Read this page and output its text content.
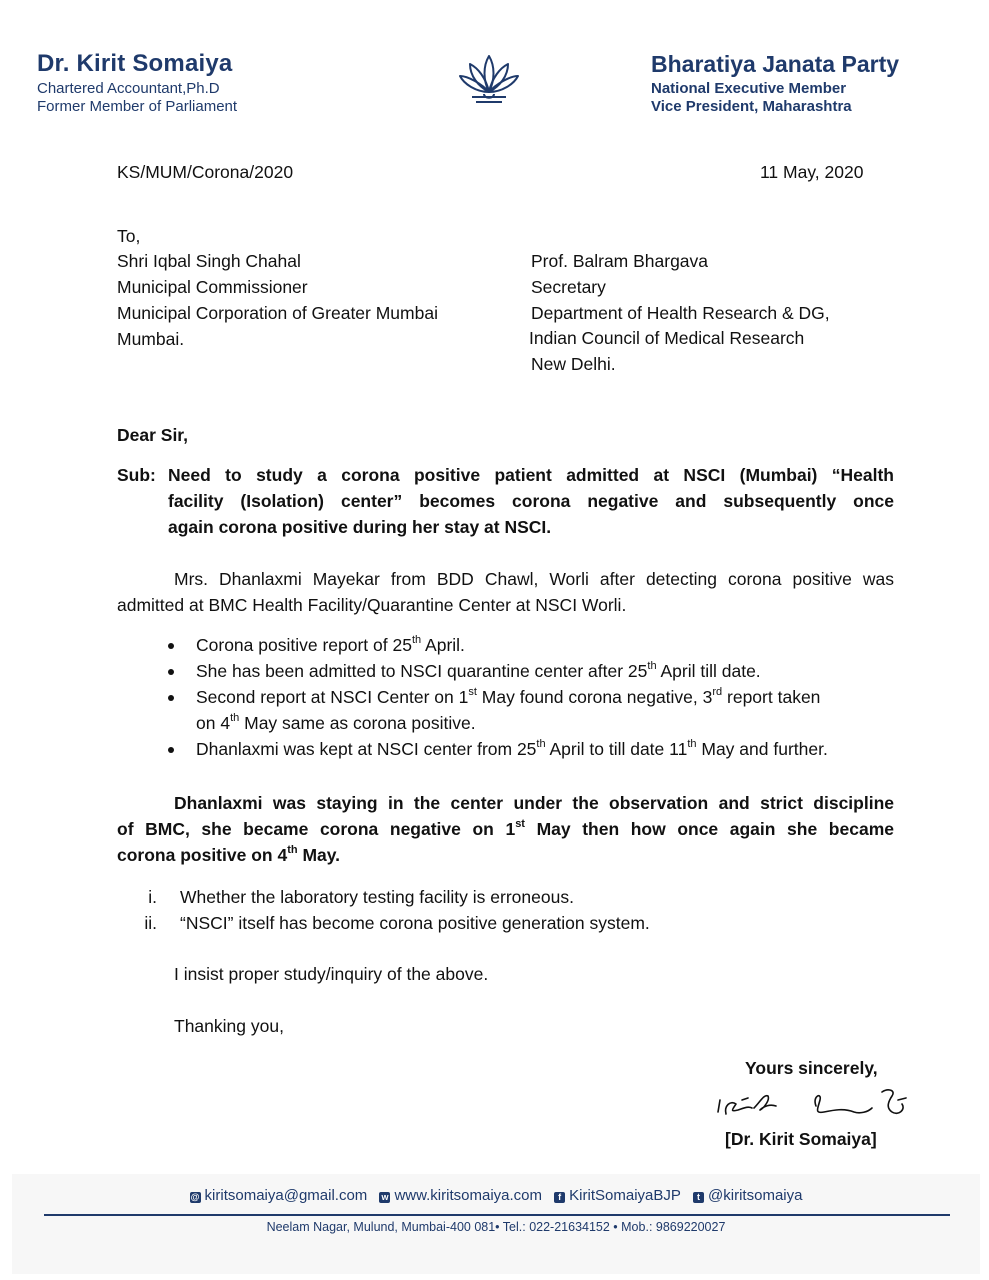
Dr. Kirit Somaiya
Chartered Accountant,Ph.D
Former Member of Parliament
Bharatiya Janata Party
National Executive Member
Vice President, Maharashtra
KS/MUM/Corona/2020	11 May, 2020
To,
Shri Iqbal Singh Chahal
Municipal Commissioner
Municipal Corporation of Greater Mumbai
Mumbai.
Prof. Balram Bhargava
Secretary
Department of Health Research & DG,
Indian Council of Medical Research
New Delhi.
Dear Sir,
Sub: Need to study a corona positive patient admitted at NSCI (Mumbai) “Health
facility (Isolation) center” becomes corona negative and subsequently once
again corona positive during her stay at NSCI.
Mrs. Dhanlaxmi Mayekar from BDD Chawl, Worli after detecting corona positive was
admitted at BMC Health Facility/Quarantine Center at NSCI Worli.
Corona positive report of 25th April.
She has been admitted to NSCI quarantine center after 25th April till date.
Second report at NSCI Center on 1st May found corona negative, 3rd report taken
on 4th May same as corona positive.
Dhanlaxmi was kept at NSCI center from 25th April to till date 11th May and further.
Dhanlaxmi was staying in the center under the observation and strict discipline
of BMC, she became corona negative on 1st May then how once again she became
corona positive on 4th May.
i. Whether the laboratory testing facility is erroneous.
ii. “NSCI” itself has become corona positive generation system.
I insist proper study/inquiry of the above.
Thanking you,
Yours sincerely,
[Dr. Kirit Somaiya]
@ kiritsomaiya@gmail.com w www.kiritsomaiya.com f KiritSomaiyaBJP t @kiritsomaiya
Neelam Nagar, Mulund, Mumbai-400 081• Tel.: 022-21634152 • Mob.: 9869220027
